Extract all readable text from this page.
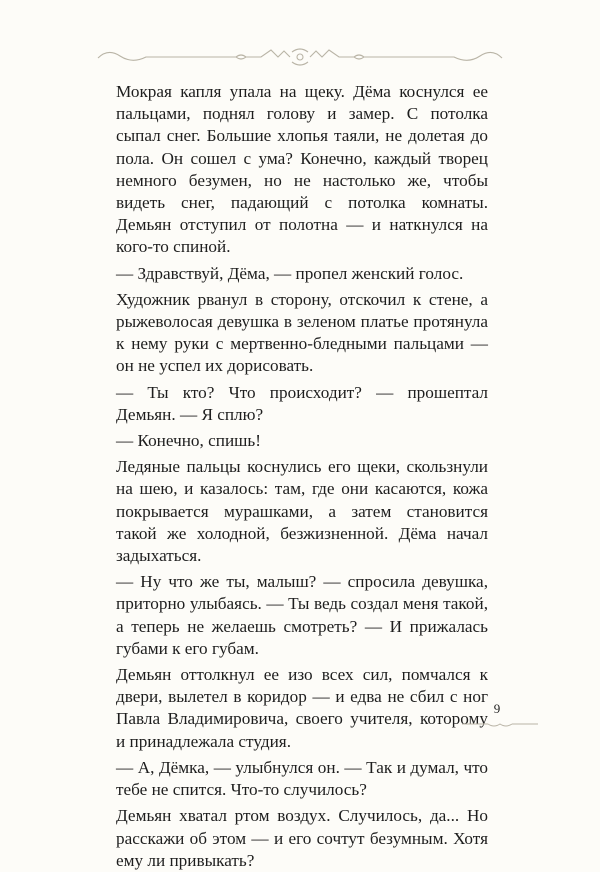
Мокрая капля упала на щеку. Дёма коснулся ее пальцами, поднял голову и замер. С потолка сыпал снег. Большие хлопья таяли, не долетая до пола. Он сошел с ума? Конечно, каждый творец немного безумен, но не настолько же, чтобы видеть снег, падающий с потолка комнаты. Демьян отступил от полотна — и наткнулся на кого-то спиной.

— Здравствуй, Дёма, — пропел женский голос.

Художник рванул в сторону, отскочил к стене, а рыжеволосая девушка в зеленом платье протянула к нему руки с мертвенно-бледными пальцами — он не успел их дорисовать.

— Ты кто? Что происходит? — прошептал Демьян. — Я сплю?

— Конечно, спишь!

Ледяные пальцы коснулись его щеки, скользнули на шею, и казалось: там, где они касаются, кожа покрывается мурашками, а затем становится такой же холодной, безжизненной. Дёма начал задыхаться.

— Ну что же ты, малыш? — спросила девушка, приторно улыбаясь. — Ты ведь создал меня такой, а теперь не желаешь смотреть? — И прижалась губами к его губам.

Демьян оттолкнул ее изо всех сил, помчался к двери, вылетел в коридор — и едва не сбил с ног Павла Владимировича, своего учителя, которому и принадлежала студия.

— А, Дёмка, — улыбнулся он. — Так и думал, что тебе не спится. Что-то случилось?

Демьян хватал ртом воздух. Случилось, да... Но расскажи об этом — и его сочтут безумным. Хотя ему ли привыкать?

9
